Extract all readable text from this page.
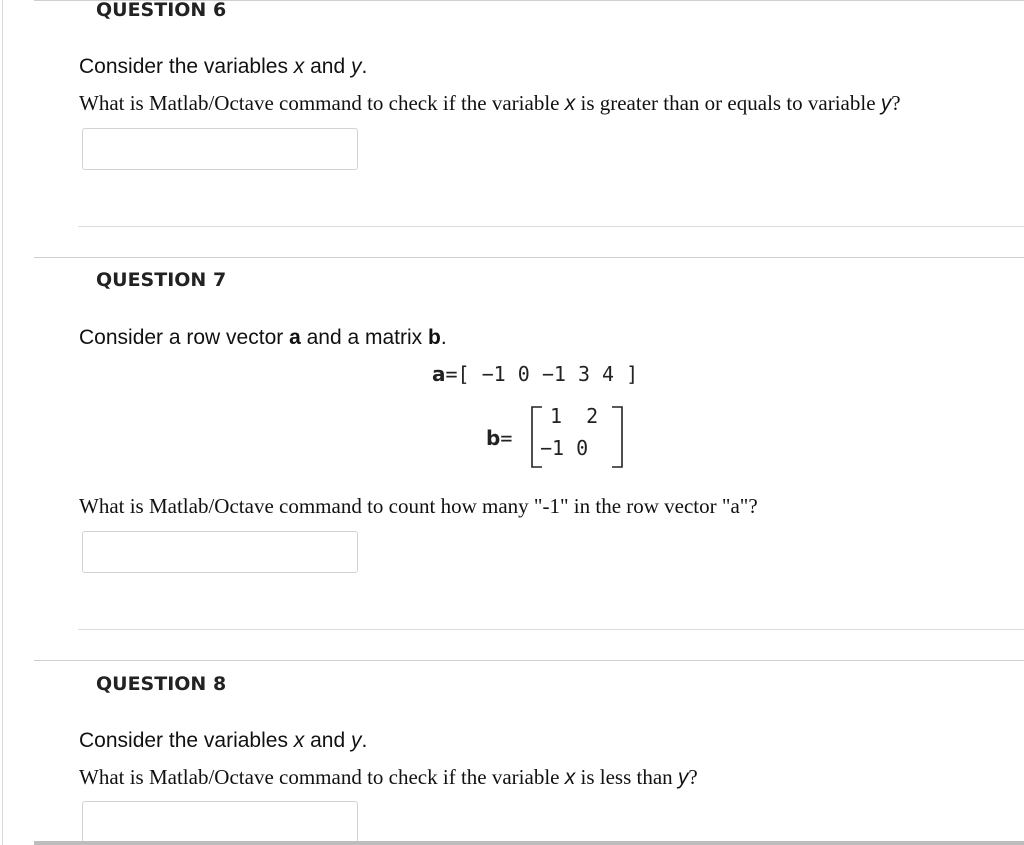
QUESTION 6
Consider the variables x and y.
What is Matlab/Octave command to check if the variable x is greater than or equals to variable y?
QUESTION 7
Consider a row vector a and a matrix b.
a=[ −1 0 −1 3 4 ]
b=
1  2
−1 0
What is Matlab/Octave command to count how many "-1" in the row vector "a"?
QUESTION 8
Consider the variables x and y.
What is Matlab/Octave command to check if the variable x is less than y?
